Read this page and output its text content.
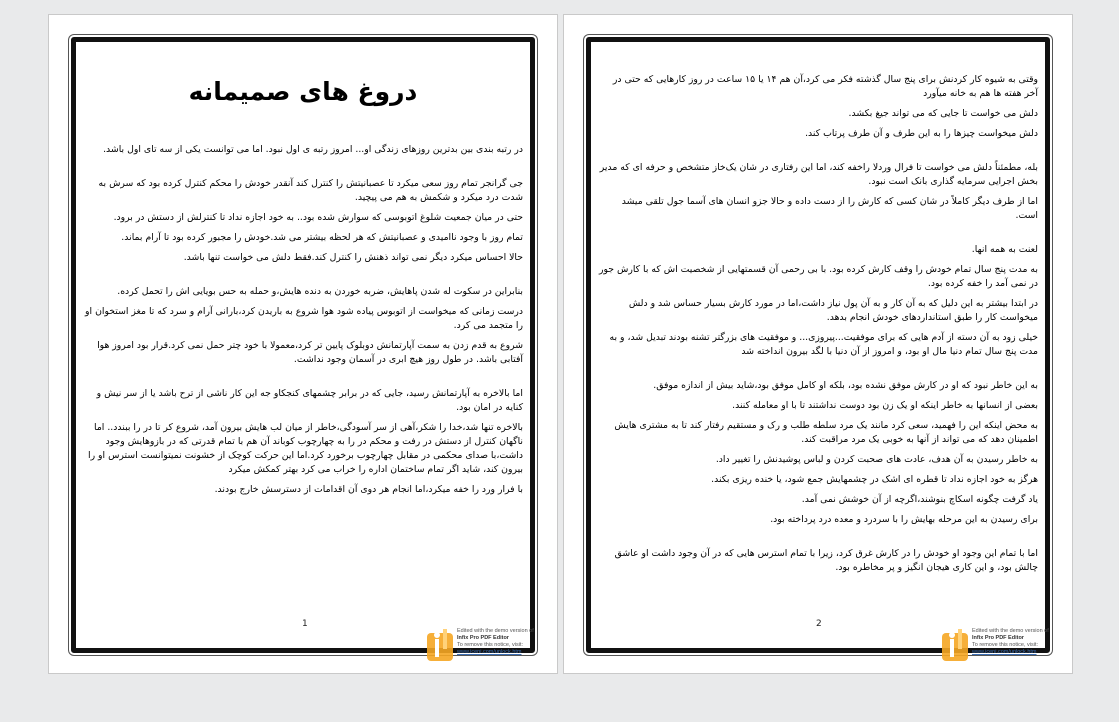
دروغ های صمیمانه

در رتبه بندی بین بدترین روزهای زندگی او... امروز رتبه ی اول نبود. اما می توانست یکی از سه تای اول باشد.

جی گرانجر تمام روز سعی میکرد تا عصبانیتش را کنترل کند آنقدر خودش را محکم کنترل کرده بود که سرش به شدت درد میکرد و شکمش به هم می پیچید.

حتی در میان جمعیت شلوغ اتوبوسی که سوارش شده بود.. به خود اجازه نداد تا کنترلش از دستش در برود.

تمام روز با وجود ناامیدی و عصبانیتش که هر لحظه بیشتر می شد.خودش را مجبور کرده بود تا آرام بماند.

حالا احساس میکرد دیگر نمی تواند ذهنش را کنترل کند.فقط دلش می خواست تنها باشد.

بنابراین در سکوت له شدن پاهایش، ضربه خوردن به دنده هایش،و حمله به حس بویایی اش را تحمل کرده.

درست زمانی که میخواست از اتوبوس پیاده شود هوا شروع به باریدن کرد،بارانی آرام و سرد که تا مغز استخوان او را متجمد می کرد.

شروع به قدم زدن به سمت آپارتمانش دوبلوک پایین تر کرد،معمولا با خود چتر حمل نمی کرد.قرار بود امروز هوا آفتابی باشد. در طول روز هیچ ابری در آسمان وجود نداشت.

اما بالاخره به آپارتمانش رسید، جایی که در برابر چشمهای کنجکاو جه این کار ناشی از ترح باشد یا از سر نیش و کنایه در امان بود.

بالاخره تنها شد،خدا را شکر،آهی از سر آسودگی،خاطر از میان لب هایش بیرون آمد، شروع کر تا در را ببندد.. اما ناگهان کنترل از دستش در رفت و محکم در را به چهارچوب کوباند آن هم با تمام قدرتی که در بازوهایش وجود داشت،با صدای محکمی در مقابل چهارچوب برخورد کرد.اما این حرکت کوچک از خشونت نمیتوانست استرس او را بیرون کند، شاید اگر تمام ساختمان اداره را خراب می کرد بهتر کمکش میکرد

با فرار ورد را خفه میکرد،اما انجام هر دوی آن اقدامات از دسترسش خارج بودند.

1
Edited with the demo version of
Infix Pro PDF Editor
To remove this notice, visit:
www.iceni.com/unlock.htm

وقتی به شیوه کار کردنش برای پنج سال گذشته فکر می کرد،آن هم ۱۴ یا ۱۵ ساعت در روز کارهایی که حتی در آخر هفته ها هم به خانه میآورد

دلش می خواست تا جایی که می تواند جیغ بکشد.

دلش میخواست چیزها را به این طرف و آن طرف پرتاب کند.

بله، مطمئناً دلش می خواست تا فرال وردلا راخفه کند، اما این رفتاری در شان یک‌خاز متشخص و حرفه ای که مدیر بخش اجرایی سرمایه گذاری بانک است نبود.

اما از طرف دیگر کاملاً در شان کسی که کارش را از دست داده و حالا جزو انسان های آسما جول تلقی میشد است.

لعنت به همه انها.

به مدت پنج سال تمام خودش را وقف کارش کرده بود. با بی رحمی آن قسمتهایی از شخصیت اش که با کارش جور در نمی آمد را خفه کرده بود.

در ابتدا بیشتر به این دلیل که به آن کار و به آن پول نیاز داشت،اما در مورد کارش بسیار حساس شد و دلش میخواست کار را طبق استانداردهای خودش انجام بدهد.

خیلی زود به آن دسته از آدم هایی که برای موفقیت...پیروزی... و موفقیت های بزرگتر تشنه بودند تبدیل شد، و به مدت پنج سال تمام دنیا مال او بود، و امروز از آن دنیا با لگد بیرون انداخته شد

به این خاطر نبود که او در کارش موفق نشده بود، بلکه او کامل موفق بود،شاید بیش از اندازه موفق.

بعضی از انسانها به خاطر اینکه او یک زن بود دوست نداشتند تا با او معامله کنند.

به محض اینکه این را فهمید، سعی کرد مانند یک مرد سلطه طلب و رک و مستقیم رفتار کند تا به مشتری هایش اطمینان دهد که می تواند از آنها به خوبی یک مرد مراقبت کند.

به خاطر رسیدن به آن هدف، عادت های صحبت کردن و لباس پوشیدنش را تغییر داد.

هرگز به خود اجازه نداد تا قطره ای اشک در چشمهایش جمع شود، یا خنده ریزی بکند.

یاد گرفت چگونه اسکاچ بنوشند،اگرچه از آن خوشش نمی آمد.

برای رسیدن به این مرحله بهایش را با سردرد و معده درد پرداخته بود.

اما با تمام این وجود او خودش را در کارش غرق کرد، زیرا با تمام استرس هایی که در آن وجود داشت او عاشق چالش بود، و این کاری هیجان انگیز و پر مخاطره بود.

2
Edited with the demo version of
Infix Pro PDF Editor
To remove this notice, visit:
www.iceni.com/unlock.htm
